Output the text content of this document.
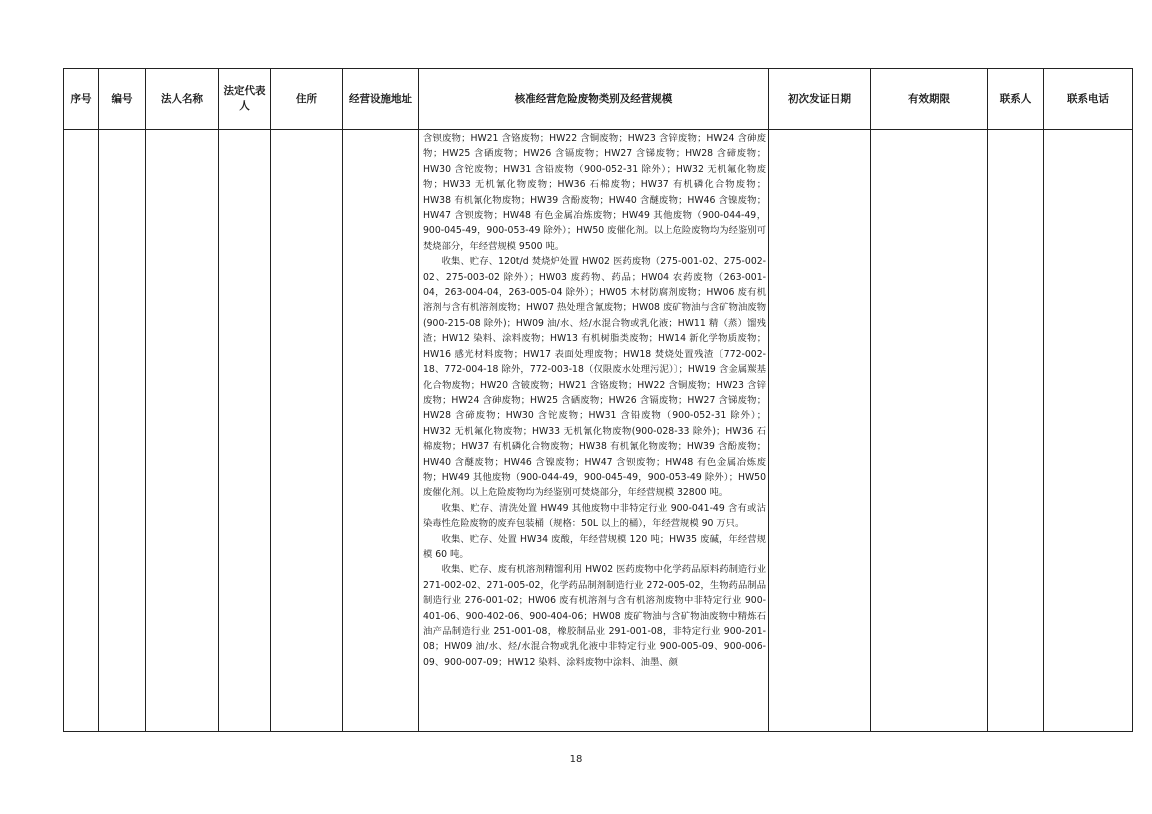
序号	编号	法人名称	法定代表人	住所	经营设施地址	核准经营危险废物类别及经营规模	初次发证日期	有效期限	联系人	联系电话

						含钡废物；HW21 含铬废物；HW22 含铜废物；HW23 含锌废物；HW24 含砷废物；HW25 含硒废物；HW26 含镉废物；HW27 含锑废物；HW28 含碲废物；HW30 含铊废物；HW31 含铅废物（900-052-31 除外）；HW32 无机氟化物废物；HW33 无机氰化物废物；HW36 石棉废物；HW37 有机磷化合物废物；HW38 有机氰化物废物；HW39 含酚废物；HW40 含醚废物；HW46 含镍废物；HW47 含钡废物；HW48 有色金属冶炼废物；HW49 其他废物（900-044-49，900-045-49，900-053-49 除外）；HW50 废催化剂。以上危险废物均为经鉴别可焚烧部分，年经营规模 9500 吨。

收集、贮存、120t/d 焚烧炉处置 HW02 医药废物（275-001-02、275-002-02、275-003-02 除外）；HW03 废药物、药品；HW04 农药废物（263-001-04，263-004-04，263-005-04 除外）；HW05 木材防腐剂废物；HW06 废有机溶剂与含有机溶剂废物；HW07 热处理含氰废物；HW08 废矿物油与含矿物油废物(900-215-08 除外)；HW09 油/水、烃/水混合物或乳化液；HW11 精（蒸）馏残渣；HW12 染料、涂料废物；HW13 有机树脂类废物；HW14 新化学物质废物；HW16 感光材料废物；HW17 表面处理废物；HW18 焚烧处置残渣〔772-002-18、772-004-18 除外，772-003-18（仅限废水处理污泥）〕；HW19 含金属羰基化合物废物；HW20 含铍废物；HW21 含铬废物；HW22 含铜废物；HW23 含锌废物；HW24 含砷废物；HW25 含硒废物；HW26 含镉废物；HW27 含锑废物；HW28 含碲废物；HW30 含铊废物；HW31 含铅废物（900-052-31 除外）；HW32 无机氟化物废物；HW33 无机氰化物废物(900-028-33 除外)；HW36 石棉废物；HW37 有机磷化合物废物；HW38 有机氰化物废物；HW39 含酚废物；HW40 含醚废物；HW46 含镍废物；HW47 含钡废物；HW48 有色金属冶炼废物；HW49 其他废物（900-044-49，900-045-49，900-053-49 除外）；HW50 废催化剂。以上危险废物均为经鉴别可焚烧部分，年经营规模 32800 吨。

收集、贮存、清洗处置 HW49 其他废物中非特定行业 900-041-49 含有或沾染毒性危险废物的废弃包装桶（规格：50L 以上的桶），年经营规模 90 万只。

收集、贮存、处置 HW34 废酸，年经营规模 120 吨；HW35 废碱，年经营规模 60 吨。

收集、贮存、废有机溶剂精馏利用 HW02 医药废物中化学药品原料药制造行业 271-002-02、271-005-02，化学药品制剂制造行业 272-005-02，生物药品制品制造行业 276-001-02；HW06 废有机溶剂与含有机溶剂废物中非特定行业 900-401-06、900-402-06、900-404-06；HW08 废矿物油与含矿物油废物中精炼石油产品制造行业 251-001-08，橡胶制品业 291-001-08，非特定行业 900-201-08；HW09 油/水、烃/水混合物或乳化液中非特定行业 900-005-09、900-006-09、900-007-09；HW12 染料、涂料废物中涂料、油墨、颜				

18
